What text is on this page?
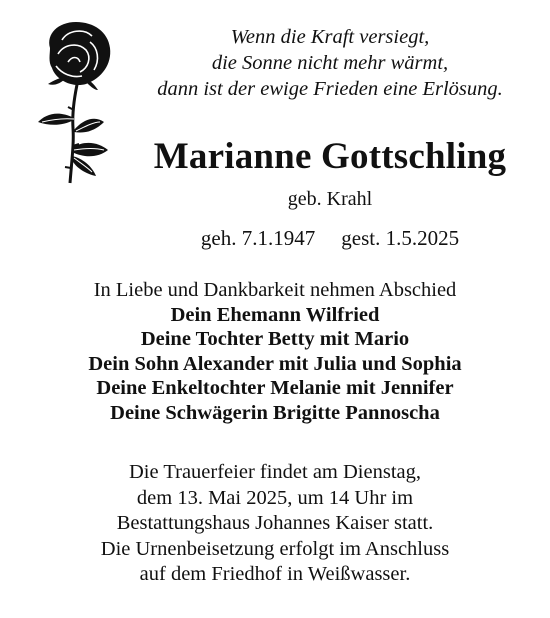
Wenn die Kraft versiegt,
die Sonne nicht mehr wärmt,
dann ist der ewige Frieden eine Erlösung.
Marianne Gottschling
geb. Krahl
geh. 7.1.1947 gest. 1.5.2025
In Liebe und Dankbarkeit nehmen Abschied
Dein Ehemann Wilfried
Deine Tochter Betty mit Mario
Dein Sohn Alexander mit Julia und Sophia
Deine Enkeltochter Melanie mit Jennifer
Deine Schwägerin Brigitte Pannoscha
Die Trauerfeier findet am Dienstag,
dem 13. Mai 2025, um 14 Uhr im
Bestattungshaus Johannes Kaiser statt.
Die Urnenbeisetzung erfolgt im Anschluss
auf dem Friedhof in Weißwasser.
